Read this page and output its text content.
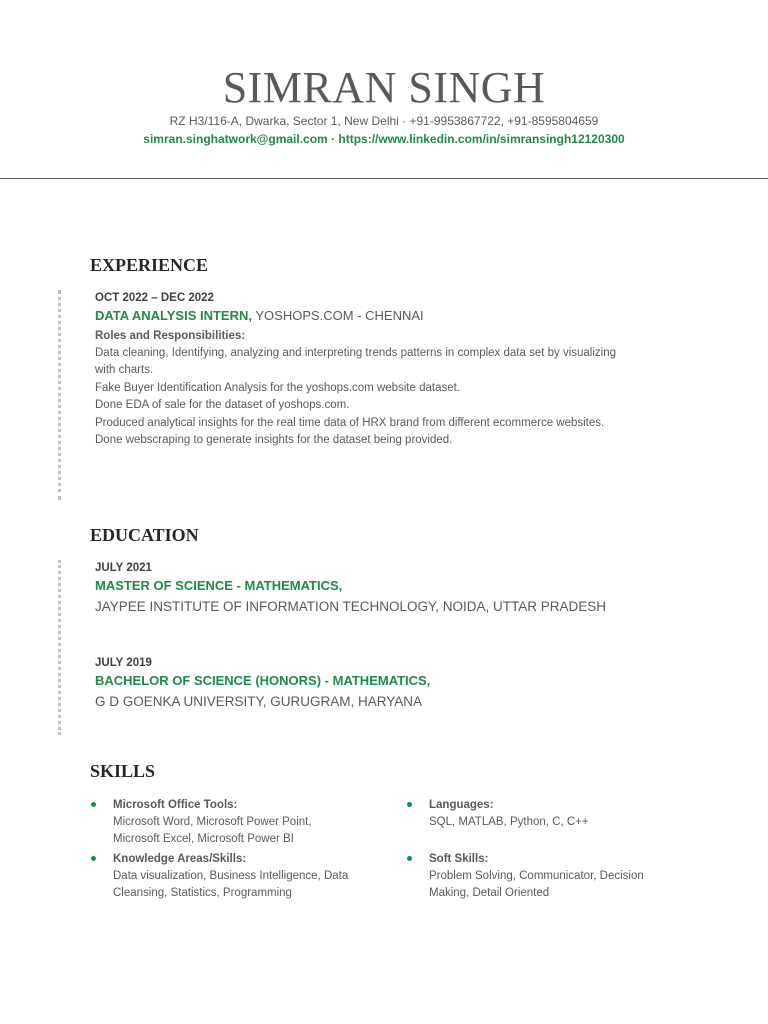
SIMRAN SINGH
RZ H3/116-A, Dwarka, Sector 1, New Delhi · +91-9953867722, +91-8595804659
simran.singhatwork@gmail.com · https://www.linkedin.com/in/simransingh12120300
EXPERIENCE
OCT 2022 – DEC 2022
DATA ANALYSIS INTERN, YOSHOPS.COM - CHENNAI
Roles and Responsibilities:
Data cleaning, Identifying, analyzing and interpreting trends patterns in complex data set by visualizing
with charts.
Fake Buyer Identification Analysis for the yoshops.com website dataset.
Done EDA of sale for the dataset of yoshops.com.
Produced analytical insights for the real time data of HRX brand from different ecommerce websites.
Done webscraping to generate insights for the dataset being provided.
EDUCATION
JULY 2021
MASTER OF SCIENCE - MATHEMATICS,
JAYPEE INSTITUTE OF INFORMATION TECHNOLOGY, NOIDA, UTTAR PRADESH
JULY 2019
BACHELOR OF SCIENCE (HONORS) - MATHEMATICS,
G D GOENKA UNIVERSITY, GURUGRAM, HARYANA
SKILLS
Microsoft Office Tools:
Microsoft Word, Microsoft Power Point,
Microsoft Excel, Microsoft Power BI
Knowledge Areas/Skills:
Data visualization, Business Intelligence, Data
Cleansing, Statistics, Programming
Languages:
SQL, MATLAB, Python, C, C++
Soft Skills:
Problem Solving, Communicator, Decision
Making, Detail Oriented
